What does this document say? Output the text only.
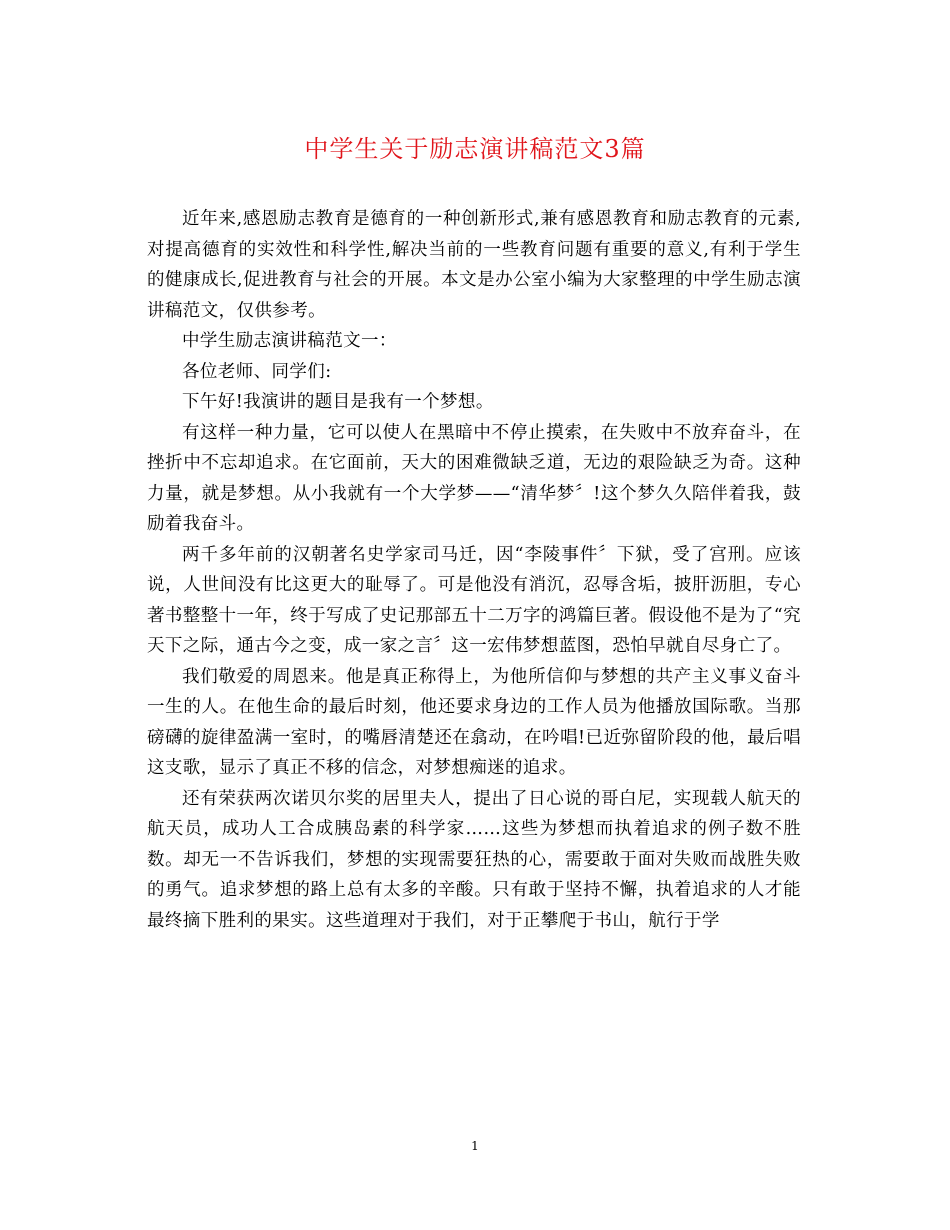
中学生关于励志演讲稿范文3篇

近年来,感恩励志教育是德育的一种创新形式,兼有感恩教育和励志教育的元素,对提高德育的实效性和科学性,解决当前的一些教育问题有重要的意义,有利于学生的健康成长,促进教育与社会的开展。本文是办公室小编为大家整理的中学生励志演讲稿范文，仅供参考。

中学生励志演讲稿范文一：

各位老师、同学们:

下午好!我演讲的题目是我有一个梦想。

有这样一种力量，它可以使人在黑暗中不停止摸索，在失败中不放弃奋斗，在挫折中不忘却追求。在它面前，天大的困难微缺乏道，无边的艰险缺乏为奇。这种力量，就是梦想。从小我就有一个大学梦——“清华梦〞!这个梦久久陪伴着我，鼓励着我奋斗。

两千多年前的汉朝著名史学家司马迁，因“李陵事件〞下狱，受了宫刑。应该说，人世间没有比这更大的耻辱了。可是他没有消沉，忍辱含垢，披肝沥胆，专心著书整整十一年，终于写成了史记那部五十二万字的鸿篇巨著。假设他不是为了“究天下之际，通古今之变，成一家之言〞这一宏伟梦想蓝图，恐怕早就自尽身亡了。

我们敬爱的周恩来。他是真正称得上，为他所信仰与梦想的共产主义事义奋斗一生的人。在他生命的最后时刻，他还要求身边的工作人员为他播放国际歌。当那磅礴的旋律盈满一室时，的嘴唇清楚还在翕动，在吟唱!已近弥留阶段的他，最后唱这支歌，显示了真正不移的信念，对梦想痴迷的追求。

还有荣获两次诺贝尔奖的居里夫人，提出了日心说的哥白尼，实现载人航天的航天员，成功人工合成胰岛素的科学家……这些为梦想而执着追求的例子数不胜数。却无一不告诉我们，梦想的实现需要狂热的心，需要敢于面对失败而战胜失败的勇气。追求梦想的路上总有太多的辛酸。只有敢于坚持不懈，执着追求的人才能最终摘下胜利的果实。这些道理对于我们，对于正攀爬于书山，航行于学

1
